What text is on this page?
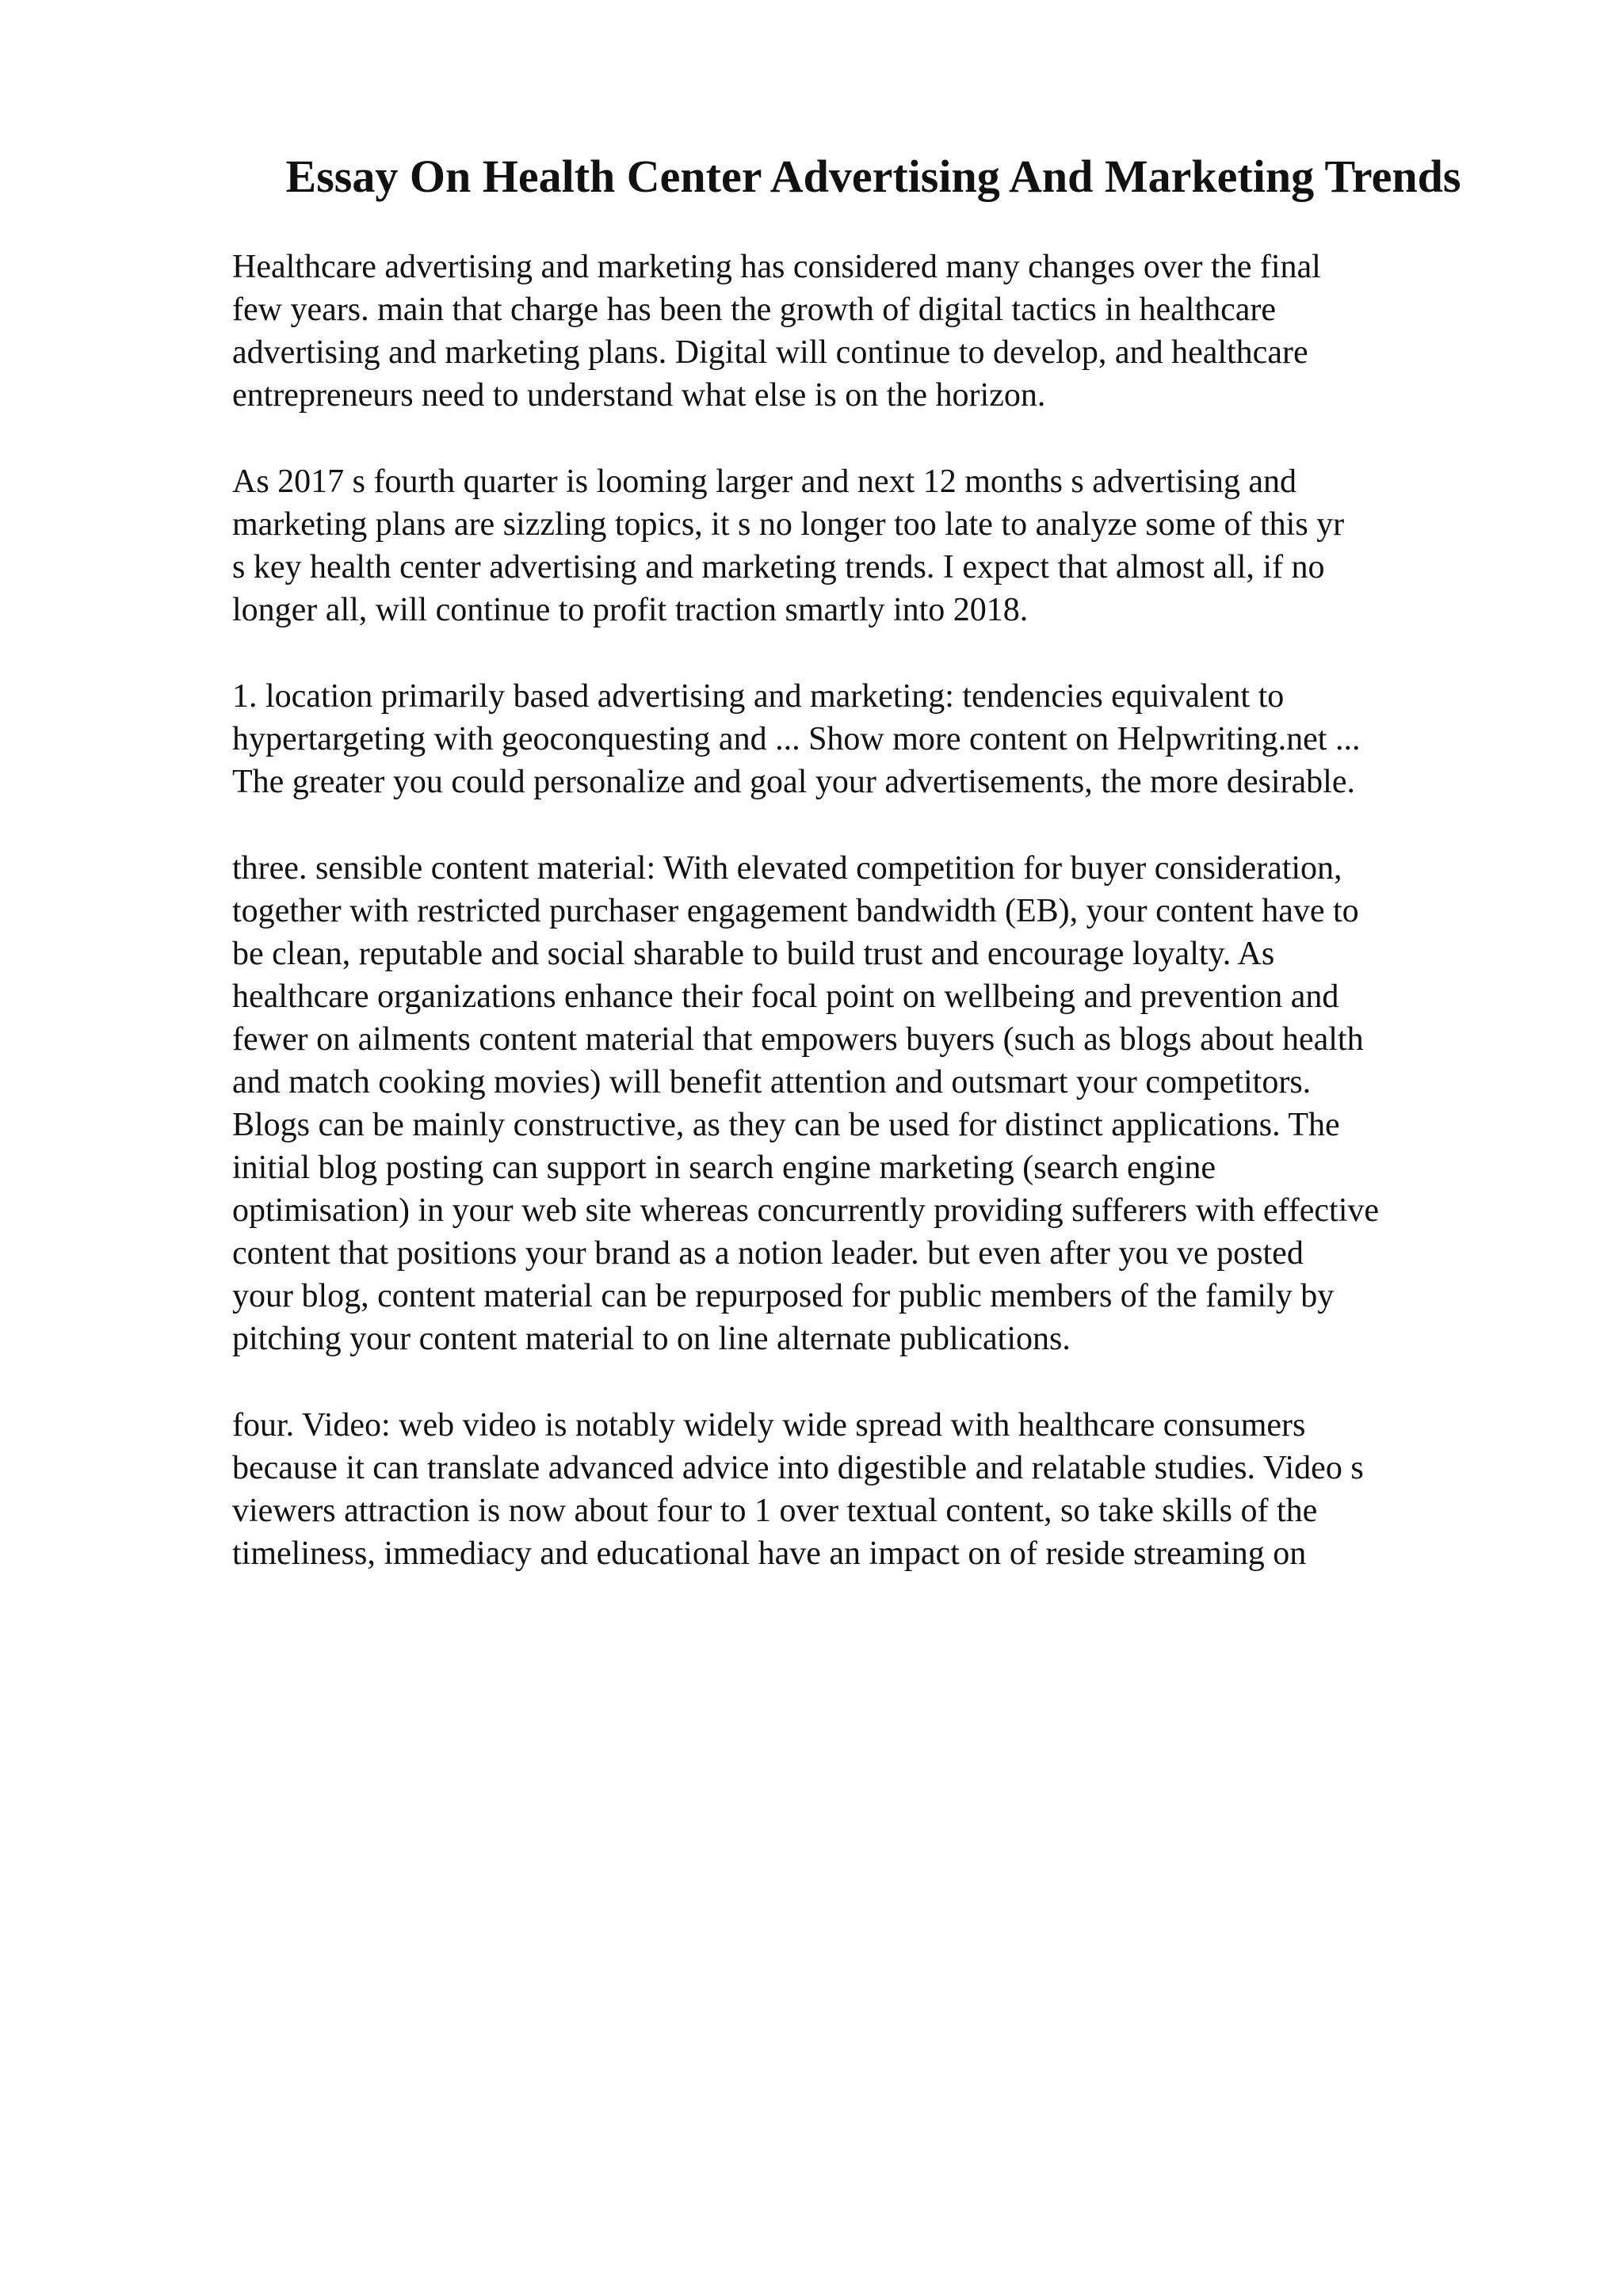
Essay On Health Center Advertising And Marketing Trends
Healthcare advertising and marketing has considered many changes over the final
few years. main that charge has been the growth of digital tactics in healthcare
advertising and marketing plans. Digital will continue to develop, and healthcare
entrepreneurs need to understand what else is on the horizon.
As 2017 s fourth quarter is looming larger and next 12 months s advertising and
marketing plans are sizzling topics, it s no longer too late to analyze some of this yr
s key health center advertising and marketing trends. I expect that almost all, if no
longer all, will continue to profit traction smartly into 2018.
1. location primarily based advertising and marketing: tendencies equivalent to
hypertargeting with geoconquesting and ... Show more content on Helpwriting.net ...
The greater you could personalize and goal your advertisements, the more desirable.
three. sensible content material: With elevated competition for buyer consideration,
together with restricted purchaser engagement bandwidth (EB), your content have to
be clean, reputable and social sharable to build trust and encourage loyalty. As
healthcare organizations enhance their focal point on wellbeing and prevention and
fewer on ailments content material that empowers buyers (such as blogs about health
and match cooking movies) will benefit attention and outsmart your competitors.
Blogs can be mainly constructive, as they can be used for distinct applications. The
initial blog posting can support in search engine marketing (search engine
optimisation) in your web site whereas concurrently providing sufferers with effective
content that positions your brand as a notion leader. but even after you ve posted
your blog, content material can be repurposed for public members of the family by
pitching your content material to on line alternate publications.
four. Video: web video is notably widely wide spread with healthcare consumers
because it can translate advanced advice into digestible and relatable studies. Video s
viewers attraction is now about four to 1 over textual content, so take skills of the
timeliness, immediacy and educational have an impact on of reside streaming on
